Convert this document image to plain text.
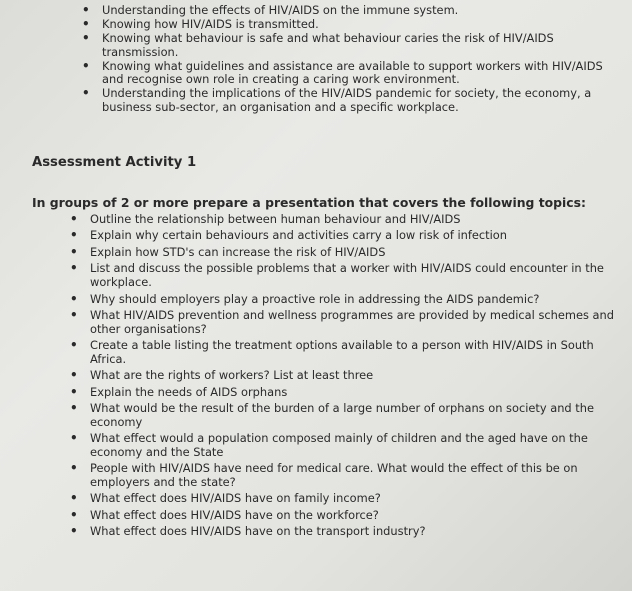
• Understanding the effects of HIV/AIDS on the immune system.
• Knowing how HIV/AIDS is transmitted.
• Knowing what behaviour is safe and what behaviour caries the risk of HIV/AIDS transmission.
• Knowing what guidelines and assistance are available to support workers with HIV/AIDS and recognise own role in creating a caring work environment.
• Understanding the implications of the HIV/AIDS pandemic for society, the economy, a business sub-sector, an organisation and a specific workplace.
Assessment Activity 1

In groups of 2 or more prepare a presentation that covers the following topics:

• Outline the relationship between human behaviour and HIV/AIDS
• Explain why certain behaviours and activities carry a low risk of infection
• Explain how STD's can increase the risk of HIV/AIDS
• List and discuss the possible problems that a worker with HIV/AIDS could encounter in the workplace.
• Why should employers play a proactive role in addressing the AIDS pandemic?
• What HIV/AIDS prevention and wellness programmes are provided by medical schemes and other organisations?
• Create a table listing the treatment options available to a person with HIV/AIDS in South Africa.
• What are the rights of workers? List at least three
• Explain the needs of AIDS orphans
• What would be the result of the burden of a large number of orphans on society and the economy
• What effect would a population composed mainly of children and the aged have on the economy and the State
• People with HIV/AIDS have need for medical care. What would the effect of this be on employers and the state?
• What effect does HIV/AIDS have on family income?
• What effect does HIV/AIDS have on the workforce?
• What effect does HIV/AIDS have on the transport industry?
